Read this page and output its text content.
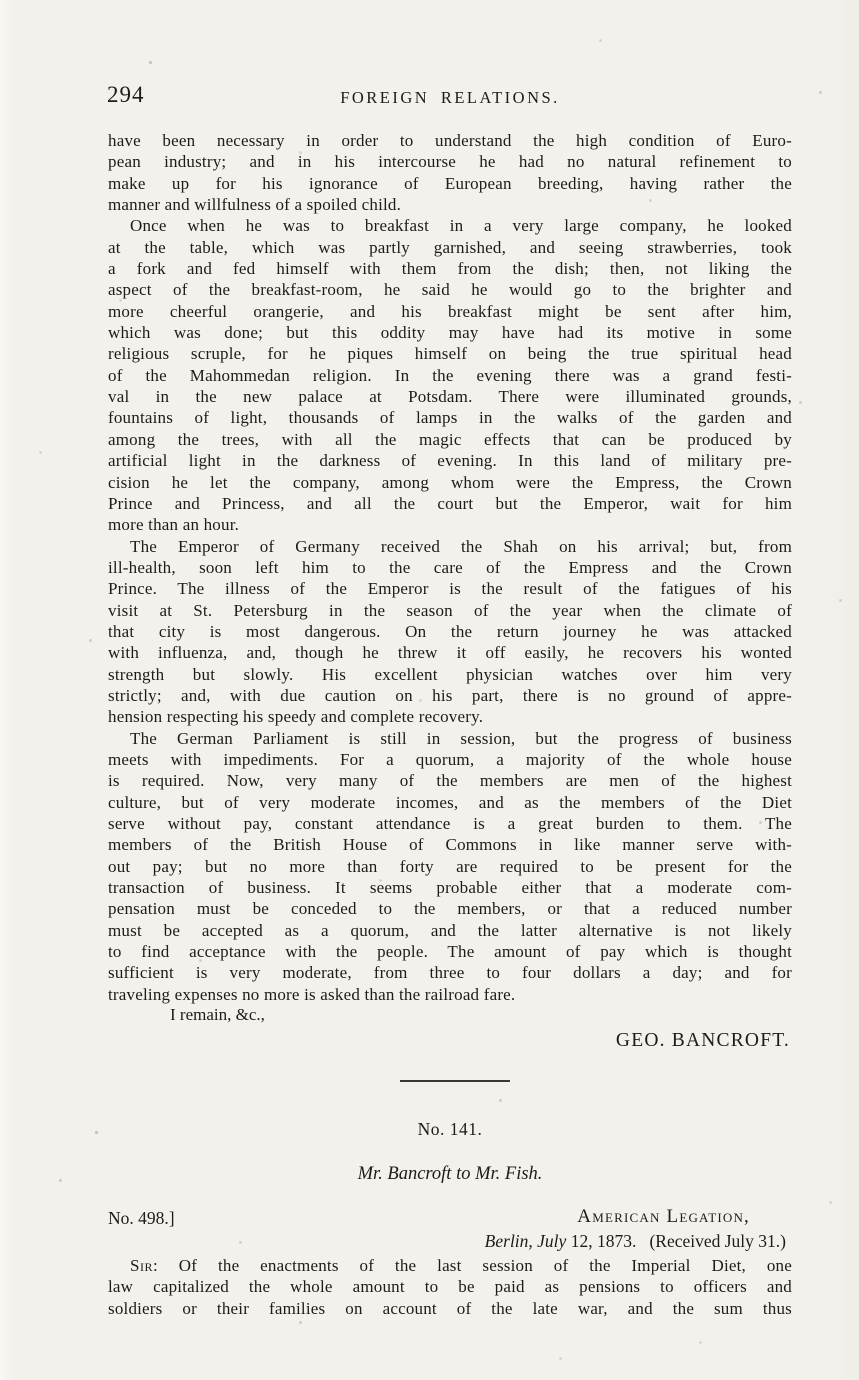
294	FOREIGN RELATIONS.
have been necessary in order to understand the high condition of Euro-
pean industry; and in his intercourse he had no natural refinement to
make up for his ignorance of European breeding, having rather the
manner and willfulness of a spoiled child.
Once when he was to breakfast in a very large company, he looked
at the table, which was partly garnished, and seeing strawberries, took
a fork and fed himself with them from the dish; then, not liking the
aspect of the breakfast-room, he said he would go to the brighter and
more cheerful orangerie, and his breakfast might be sent after him,
which was done; but this oddity may have had its motive in some
religious scruple, for he piques himself on being the true spiritual head
of the Mahommedan religion. In the evening there was a grand festi-
val in the new palace at Potsdam. There were illuminated grounds,
fountains of light, thousands of lamps in the walks of the garden and
among the trees, with all the magic effects that can be produced by
artificial light in the darkness of evening. In this land of military pre-
cision he let the company, among whom were the Empress, the Crown
Prince and Princess, and all the court but the Emperor, wait for him
more than an hour.
The Emperor of Germany received the Shah on his arrival; but, from
ill-health, soon left him to the care of the Empress and the Crown
Prince. The illness of the Emperor is the result of the fatigues of his
visit at St. Petersburg in the season of the year when the climate of
that city is most dangerous. On the return journey he was attacked
with influenza, and, though he threw it off easily, he recovers his wonted
strength but slowly. His excellent physician watches over him very
strictly; and, with due caution on his part, there is no ground of appre-
hension respecting his speedy and complete recovery.
The German Parliament is still in session, but the progress of business
meets with impediments. For a quorum, a majority of the whole house
is required. Now, very many of the members are men of the highest
culture, but of very moderate incomes, and as the members of the Diet
serve without pay, constant attendance is a great burden to them. The
members of the British House of Commons in like manner serve with-
out pay; but no more than forty are required to be present for the
transaction of business. It seems probable either that a moderate com-
pensation must be conceded to the members, or that a reduced number
must be accepted as a quorum, and the latter alternative is not likely
to find acceptance with the people. The amount of pay which is thought
sufficient is very moderate, from three to four dollars a day; and for
traveling expenses no more is asked than the railroad fare.
I remain, &c.,
GEO. BANCROFT.
No. 141.
Mr. Bancroft to Mr. Fish.
No. 498.]	American Legation,
Berlin, July 12, 1873.  (Received July 31.)
Sir: Of the enactments of the last session of the Imperial Diet, one
law capitalized the whole amount to be paid as pensions to officers and
soldiers or their families on account of the late war, and the sum thus
